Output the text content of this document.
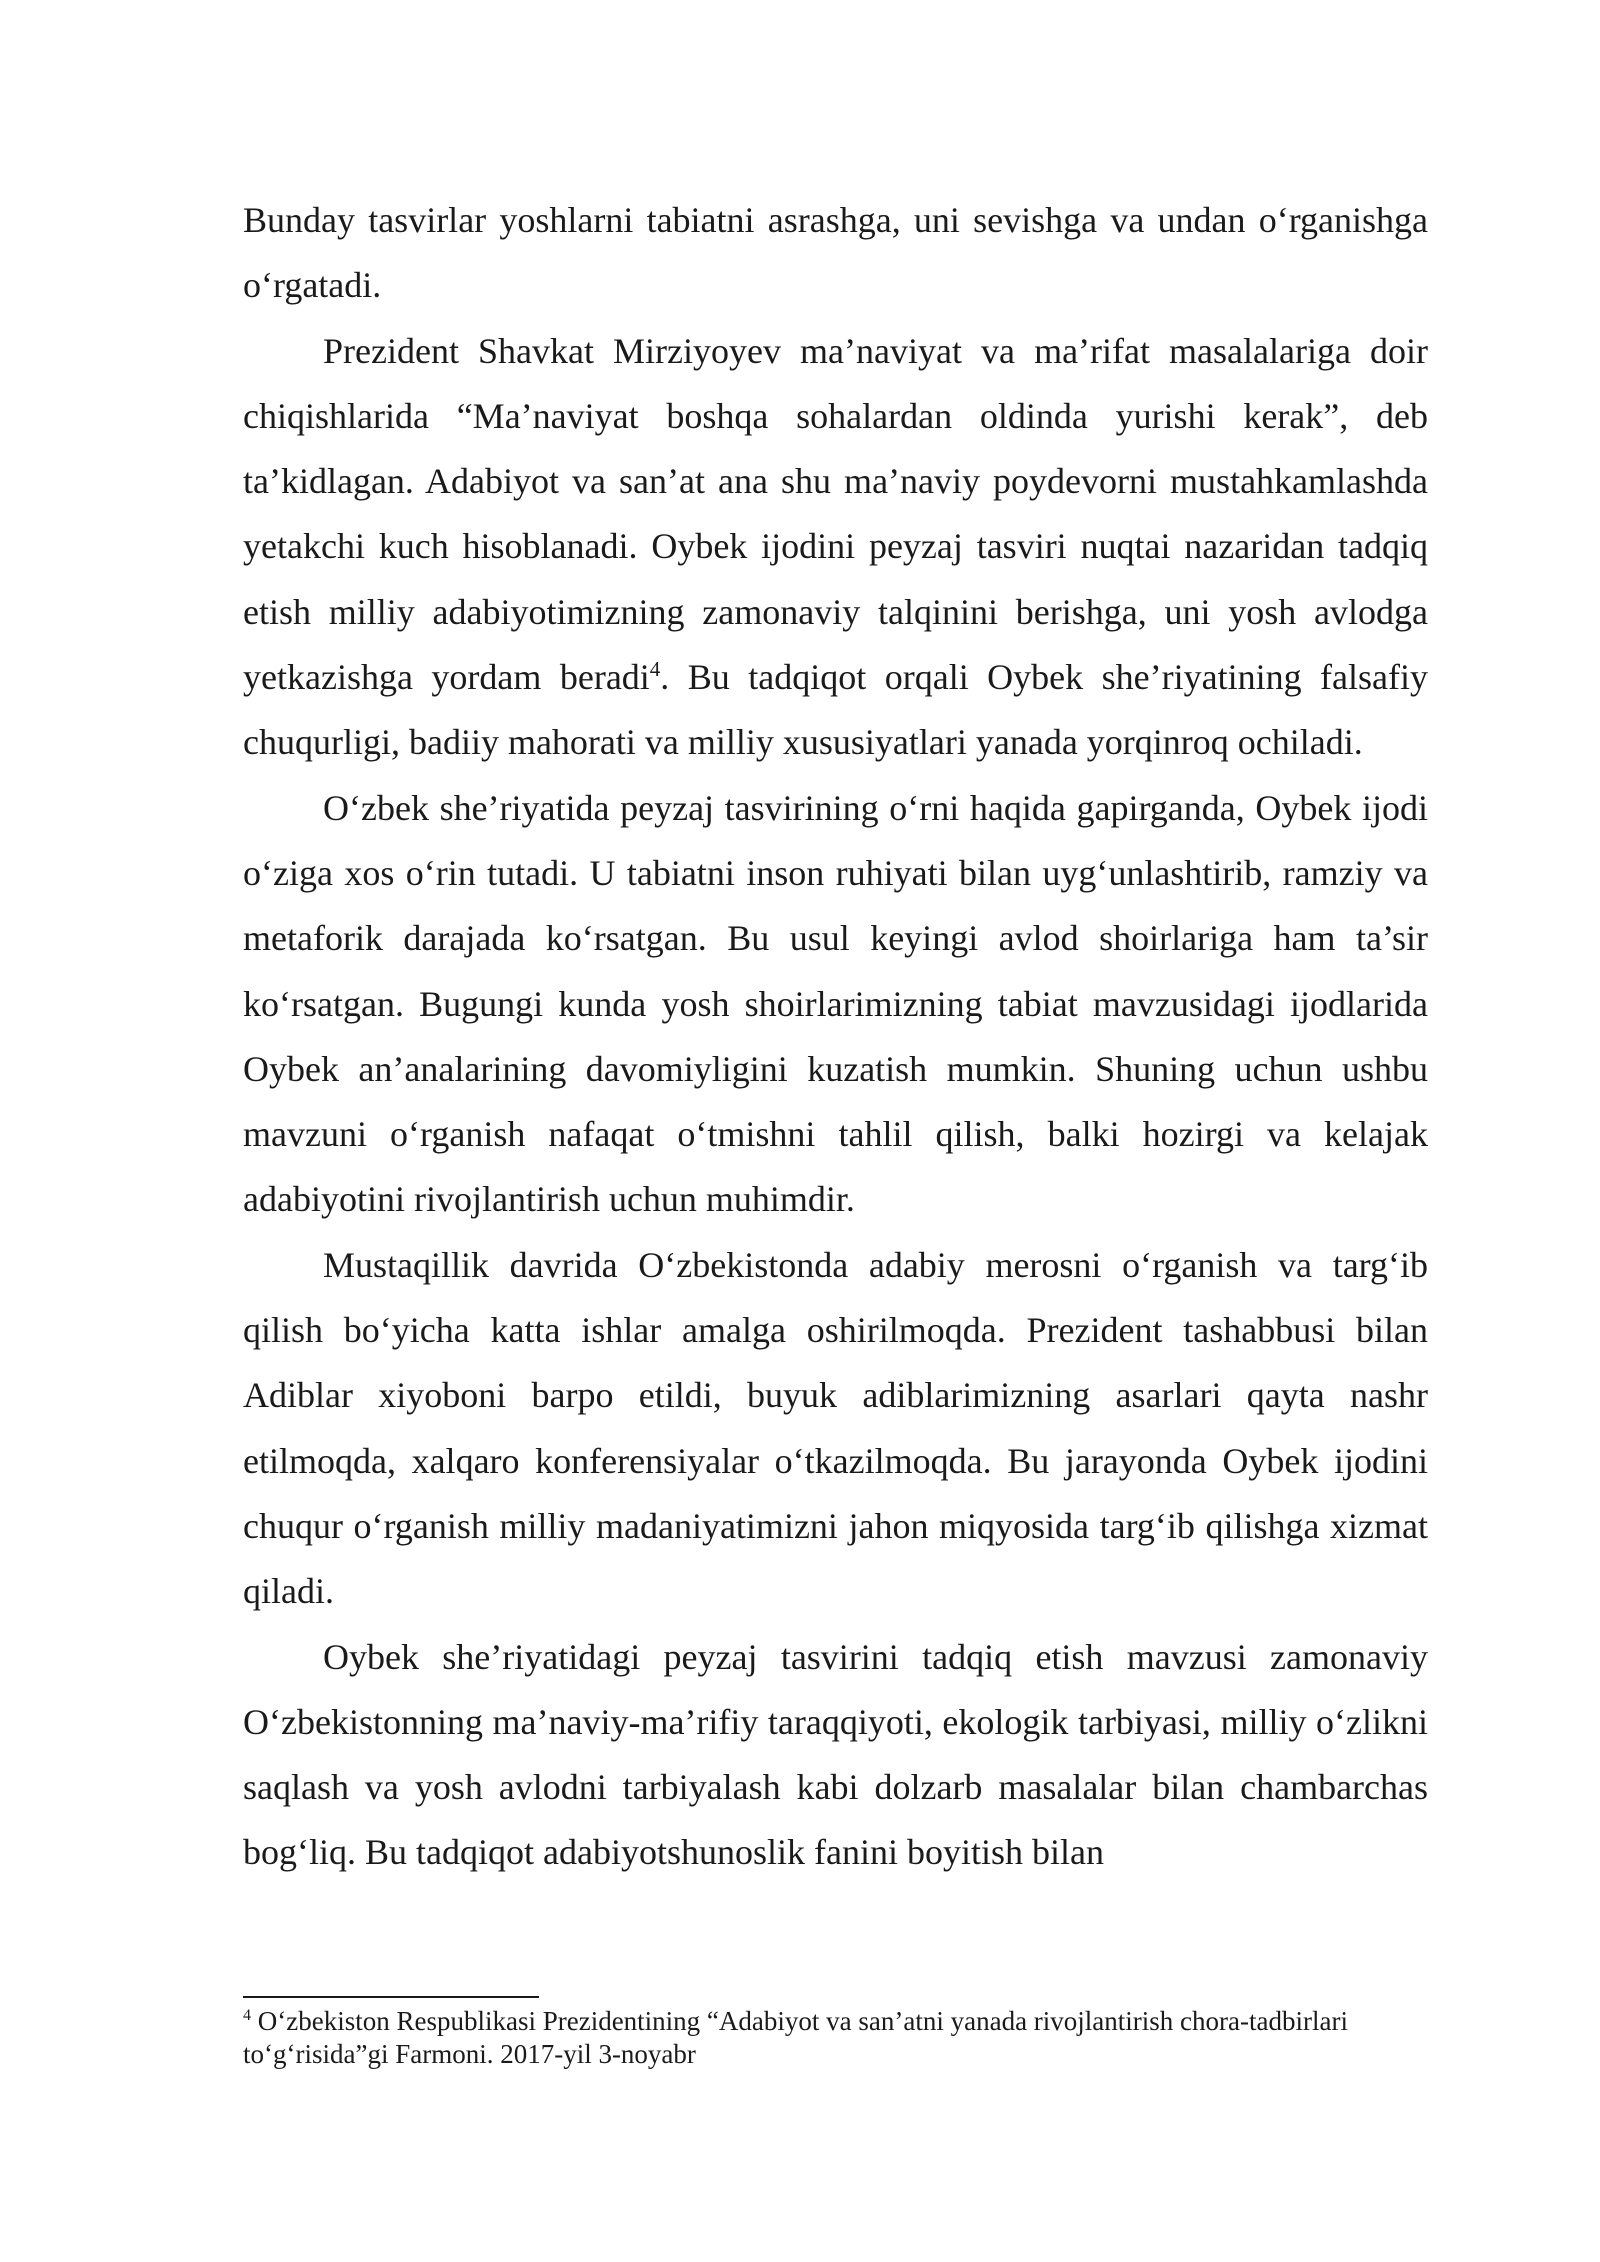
Bunday tasvirlar yoshlarni tabiatni asrashga, uni sevishga va undan o‘rganishga o‘rgatadi.

Prezident Shavkat Mirziyoyev ma’naviyat va ma’rifat masalalariga doir chiqishlarida “Ma’naviyat boshqa sohalardan oldinda yurishi kerak”, deb ta’kidlagan. Adabiyot va san’at ana shu ma’naviy poydevorni mustahkamlashda yetakchi kuch hisoblanadi. Oybek ijodini peyzaj tasviri nuqtai nazaridan tadqiq etish milliy adabiyotimizning zamonaviy talqinini berishga, uni yosh avlodga yetkazishga yordam beradi$^4$. Bu tadqiqot orqali Oybek she’riyatining falsafiy chuqurligi, badiiy mahorati va milliy xususiyatlari yanada yorqinroq ochiladi.

O‘zbek she’riyatida peyzaj tasvirining o‘rni haqida gapirganda, Oybek ijodi o‘ziga xos o‘rin tutadi. U tabiatni inson ruhiyati bilan uyg‘unlashtirib, ramziy va metaforik darajada ko‘rsatgan. Bu usul keyingi avlod shoirlariga ham ta’sir ko‘rsatgan. Bugungi kunda yosh shoirlarimizning tabiat mavzusidagi ijodlarida Oybek an’analarining davomiyligini kuzatish mumkin. Shuning uchun ushbu mavzuni o‘rganish nafaqat o‘tmishni tahlil qilish, balki hozirgi va kelajak adabiyotini rivojlantirish uchun muhimdir.

Mustaqillik davrida O‘zbekistonda adabiy merosni o‘rganish va targ‘ib qilish bo‘yicha katta ishlar amalga oshirilmoqda. Prezident tashabbusi bilan Adiblar xiyoboni barpo etildi, buyuk adiblarimizning asarlari qayta nashr etilmoqda, xalqaro konferensiyalar o‘tkazilmoqda. Bu jarayonda Oybek ijodini chuqur o‘rganish milliy madaniyatimizni jahon miqyosida targ‘ib qilishga xizmat qiladi.

Oybek she’riyatidagi peyzaj tasvirini tadqiq etish mavzusi zamonaviy O‘zbekistonning ma’naviy-ma’rifiy taraqqiyoti, ekologik tarbiyasi, milliy o‘zlikni saqlash va yosh avlodni tarbiyalash kabi dolzarb masalalar bilan chambarchas bog‘liq. Bu tadqiqot adabiyotshunoslik fanini boyitish bilan

$^4$ O‘zbekiston Respublikasi Prezidentining “Adabiyot va san’atni yanada rivojlantirish chora-tadbirlari to‘g‘risida”gi Farmoni. 2017-yil 3-noyabr
